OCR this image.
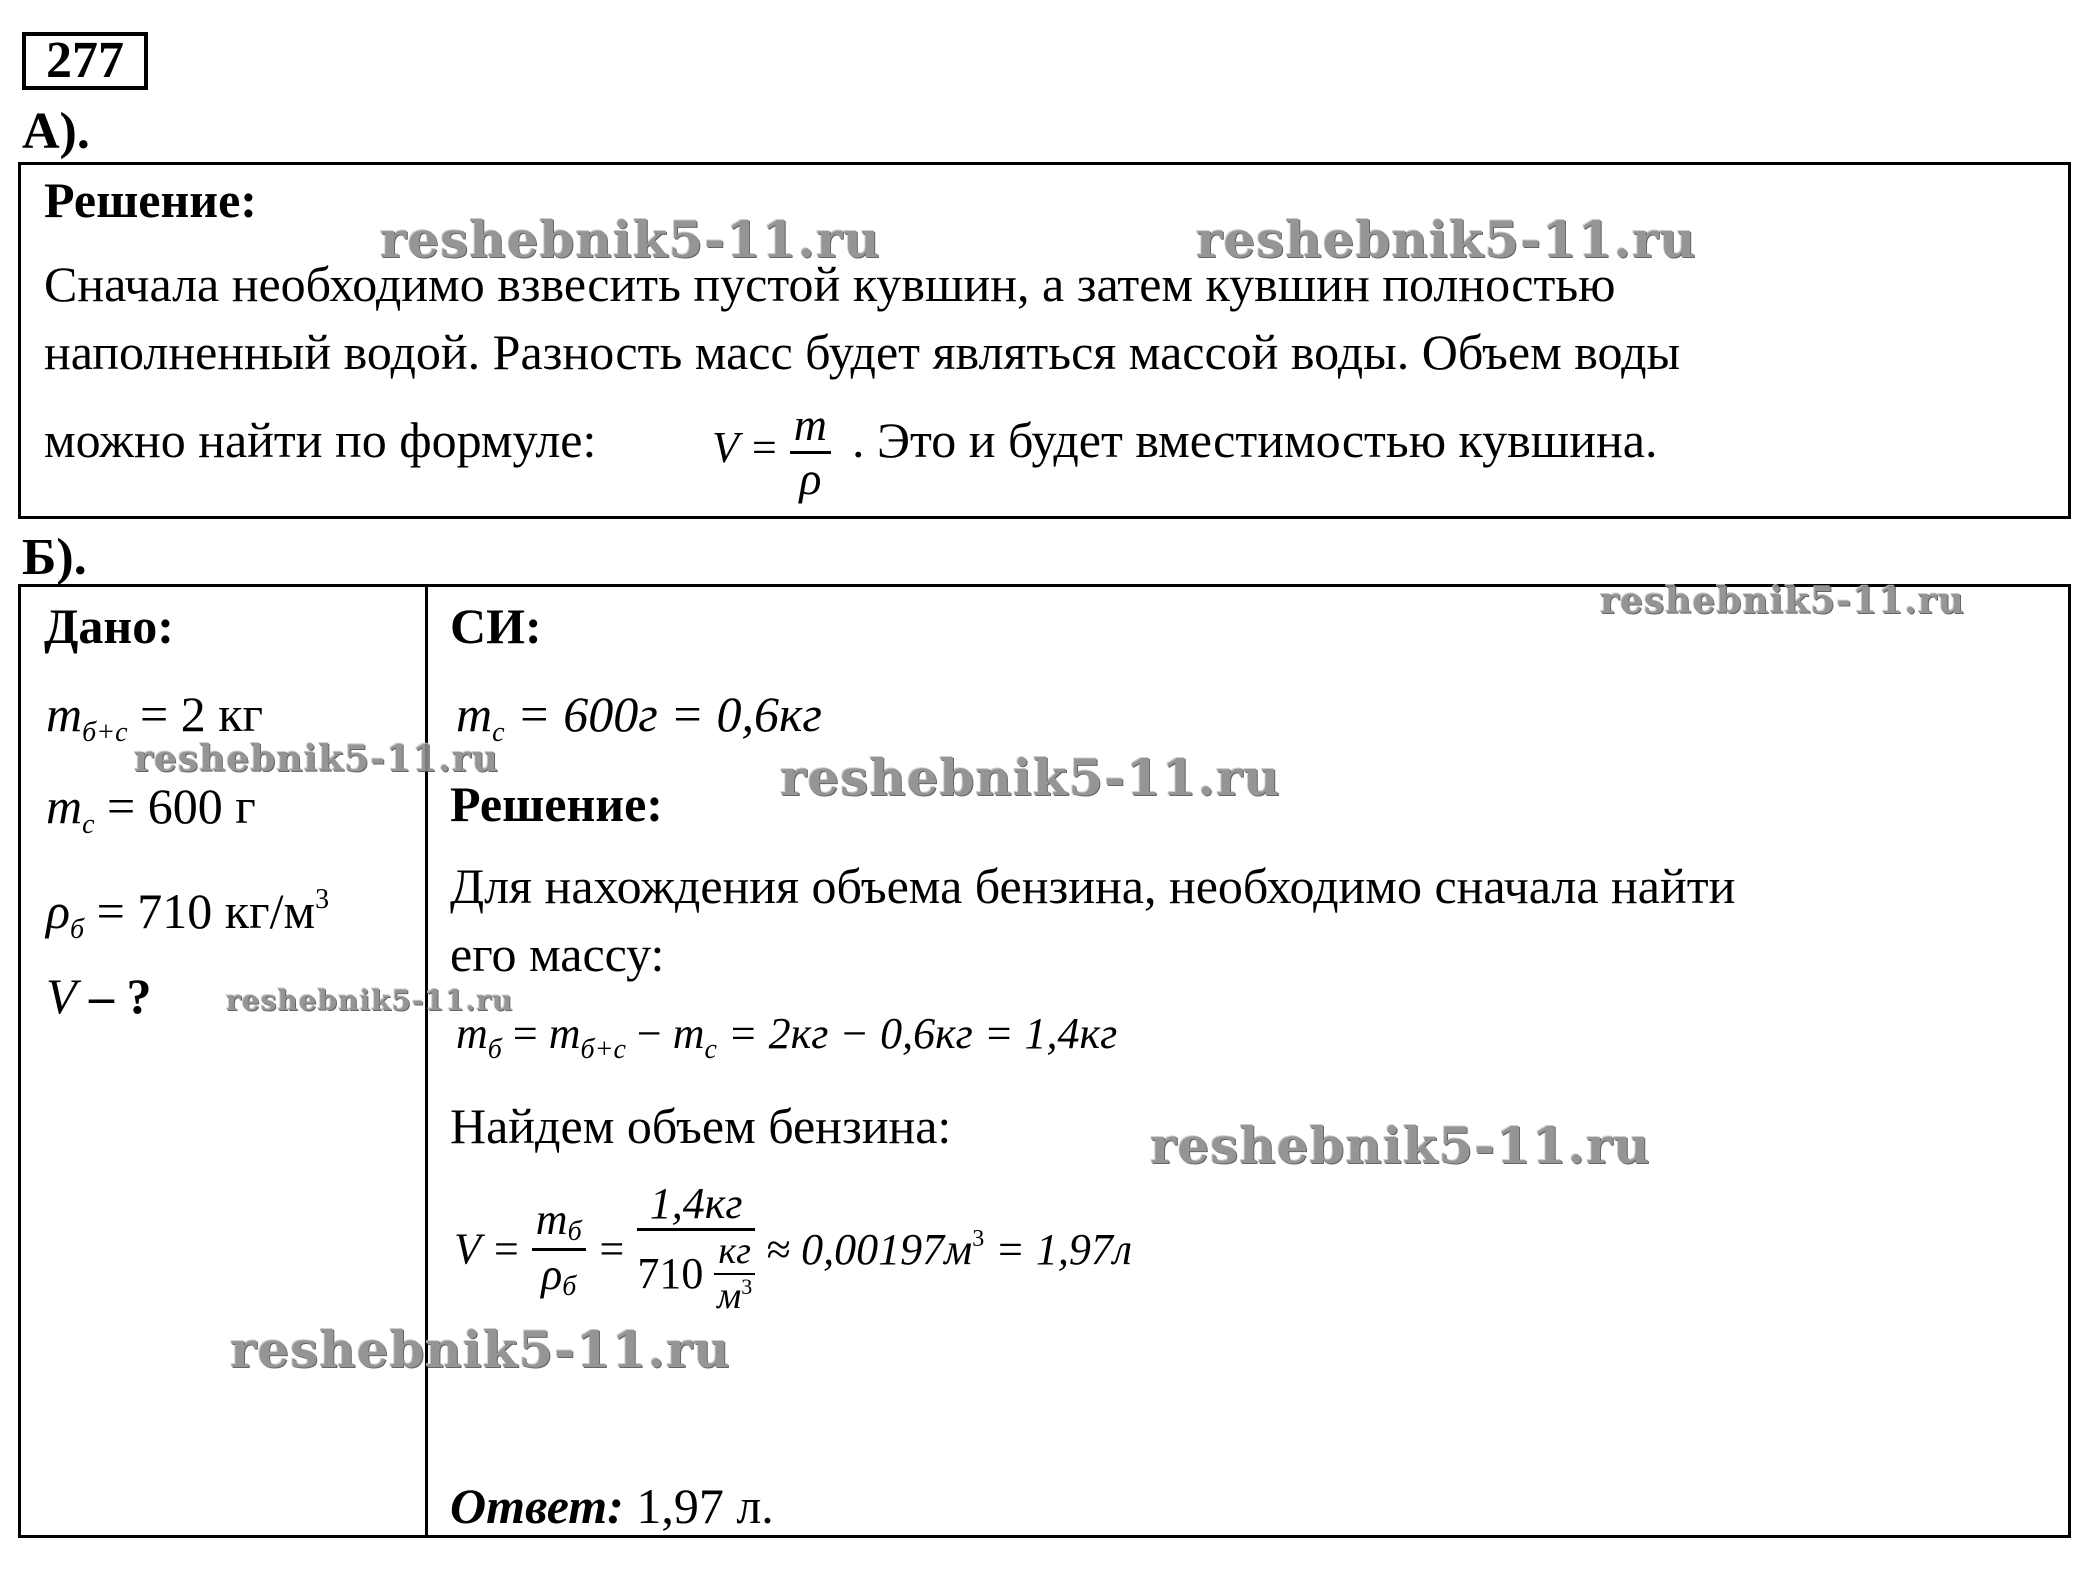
277
А).
Решение:
Сначала необходимо взвесить пустой кувшин, а затем кувшин полностью
наполненный водой. Разность масс будет являться массой воды. Объем воды
можно найти по формуле:	$V = \frac{m}{\rho}$ . Это и будет вместимостью кувшина.
Б).
Дано:
$m_{б+с} = 2$ кг
$m_с = 600$ г
$\rho_б = 710$ $кг/м^3$
V – ?
СИ:
$m_с = 600г = 0,6кг$
Решение:
Для нахождения объема бензина, необходимо сначала найти
его массу:
$m_б = m_{б+с} - m_с = 2кг - 0,6кг = 1,4кг$
Найдем объем бензина:
$V = \frac{m_б}{\rho_б} = \frac{1,4кг}{710 \frac{кг}{м^3}} \approx 0,00197м^3 = 1,97л$
Ответ: 1,97 л.
reshebnik5-11.ru	reshebnik5-11.ru
reshebnik5-11.ru
reshebnik5-11.ru	reshebnik5-11.ru
reshebnik5-11.ru
reshebnik5-11.ru
reshebnik5-11.ru
